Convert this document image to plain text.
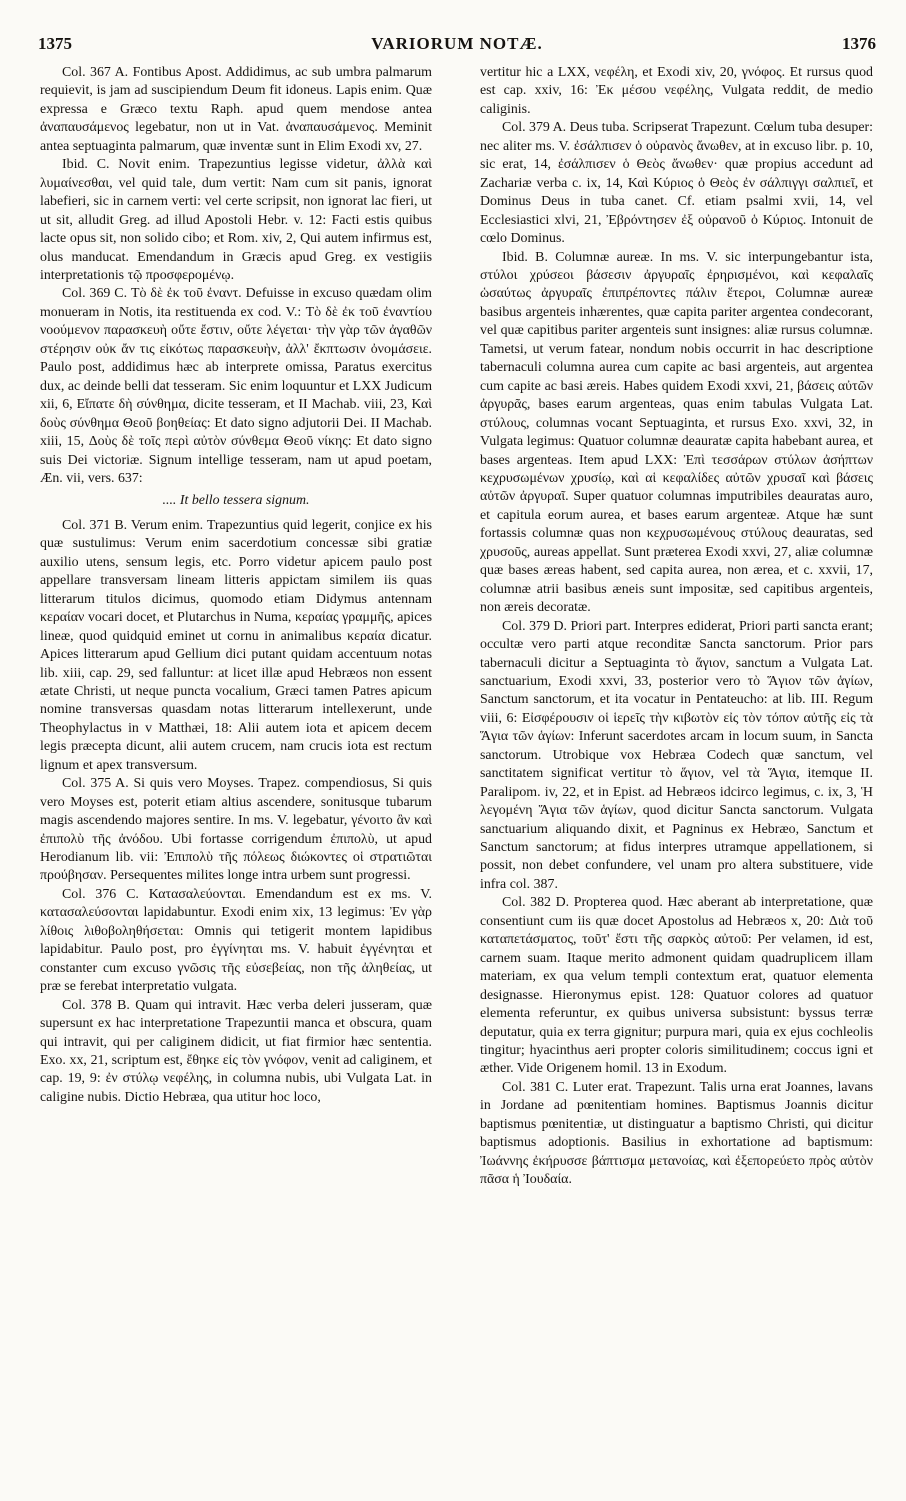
1375	VARIORUM NOTÆ.	1376

Col. 367 A. Fontibus Apost. Addidimus, ac sub umbra palmarum requievit, is jam ad suscipiendum Deum fit idoneus. Lapis enim. Quæ expressa e Græco textu Raph. apud quem mendose antea ἀναπαυσάμενος legebatur, non ut in Vat. ἀναπαυσάμενος. Meminit antea septuaginta palmarum, quæ inventæ sunt in Elim Exodi xv, 27.

Ibid. C. Novit enim. Trapezuntius legisse videtur, ἀλλὰ καὶ λυμαίνεσθαι, vel quid tale, dum vertit: Nam cum sit panis, ignorat labefieri, sic in carnem verti: vel certe scripsit, non ignorat lac fieri, ut ut sit, alludit Greg. ad illud Apostoli Hebr. v. 12: Facti estis quibus lacte opus sit, non solido cibo; et Rom. xiv, 2, Qui autem infirmus est, olus manducat. Emendandum in Græcis apud Greg. ex vestigiis interpretationis τῷ προσφερομένῳ.

Col. 369 C. Τὸ δὲ ἐκ τοῦ ἐναντ. Defuisse in excuso quædam olim monueram in Notis, ita restituenda ex cod. V.: Τὸ δὲ ἐκ τοῦ ἐναντίου νοούμενον παρασκευὴ οὔτε ἔστιν, οὔτε λέγεται· τὴν γὰρ τῶν ἀγαθῶν στέρησιν οὐκ ἄν τις εἰκότως παρασκευὴν, ἀλλ' ἔκπτωσιν ὀνομάσειε. Paulo post, addidimus hæc ab interprete omissa, Paratus exercitus dux, ac deinde belli dat tesseram. Sic enim loquuntur et LXX Judicum xii, 6, Εἴπατε δὴ σύνθημα, dicite tesseram, et II Machab. viii, 23, Καὶ δοὺς σύνθημα Θεοῦ βοηθείας: Et dato signo adjutorii Dei. II Machab. xiii, 15, Δοὺς δὲ τοῖς περὶ αὐτὸν σύνθεμα Θεοῦ νίκης: Et dato signo suis Dei victoriæ. Signum intellige tesseram, nam ut apud poetam, Æn. vii, vers. 637:

.... It bello tessera signum.

Col. 371 B. Verum enim. Trapezuntius quid legerit, conjice ex his quæ sustulimus: Verum enim sacerdotium concessæ sibi gratiæ auxilio utens, sensum legis, etc. Porro videtur apicem paulo post appellare transversam lineam litteris appictam similem iis quas litterarum titulos dicimus, quomodo etiam Didymus antennam κεραίαν vocari docet, et Plutarchus in Numa, κεραίας γραμμῆς, apices lineæ, quod quidquid eminet ut cornu in animalibus κεραία dicatur. Apices litterarum apud Gellium dici putant quidam accentuum notas lib. xiii, cap. 29, sed falluntur: at licet illæ apud Hebræos non essent ætate Christi, ut neque puncta vocalium, Græci tamen Patres apicum nomine transversas quasdam notas litterarum intellexerunt, unde Theophylactus in v Matthæi, 18: Alii autem iota et apicem decem legis præcepta dicunt, alii autem crucem, nam crucis iota est rectum lignum et apex transversum.

Col. 375 A. Si quis vero Moyses. Trapez. compendiosus, Si quis vero Moyses est, poterit etiam altius ascendere, sonitusque tubarum magis ascendendo majores sentire. In ms. V. legebatur, γένοιτο ἂν καὶ ἐπιπολὺ τῆς ἀνόδου. Ubi fortasse corrigendum ἐπιπολὺ, ut apud Herodianum lib. vii: Ἐπιπολὺ τῆς πόλεως διώκοντες οἱ στρατιῶται προύβησαν. Persequentes milites longe intra urbem sunt progressi.

Col. 376 C. Κατασαλεύονται. Emendandum est ex ms. V. κατασαλεύσονται lapidabuntur. Exodi enim xix, 13 legimus: Ἐν γὰρ λίθοις λιθοβοληθήσεται: Omnis qui tetigerit montem lapidibus lapidabitur. Paulo post, pro ἐγγίνηται ms. V. habuit ἐγγένηται et constanter cum excuso γνῶσις τῆς εὐσεβείας, non τῆς ἀληθείας, ut præ se ferebat interpretatio vulgata.

Col. 378 B. Quam qui intravit. Hæc verba deleri jusseram, quæ supersunt ex hac interpretatione Trapezuntii manca et obscura, quam qui intravit, qui per caliginem didicit, ut fiat firmior hæc sententia. Exo. xx, 21, scriptum est, ἔθηκε εἰς τὸν γνόφον, venit ad caliginem, et cap. 19, 9: ἐν στύλῳ νεφέλης, in columna nubis, ubi Vulgata Lat. in caligine nubis. Dictio Hebræa, qua utitur hoc loco,

vertitur hic a LXX, νεφέλη, et Exodi xiv, 20, γνόφος. Et rursus quod est cap. xxiv, 16: Ἐκ μέσου νεφέλης, Vulgata reddit, de medio caliginis.

Col. 379 A. Deus tuba. Scripserat Trapezunt. Cœlum tuba desuper: nec aliter ms. V. ἐσάλπισεν ὁ οὐρανὸς ἄνωθεν, at in excuso libr. p. 10, sic erat, 14, ἐσάλπισεν ὁ Θεὸς ἄνωθεν· quæ propius accedunt ad Zachariæ verba c. ix, 14, Καὶ Κύριος ὁ Θεὸς ἐν σάλπιγγι σαλπιεῖ, et Dominus Deus in tuba canet. Cf. etiam psalmi xvii, 14, vel Ecclesiastici xlvi, 21, Ἐβρόντησεν ἐξ οὐρανοῦ ὁ Κύριος. Intonuit de cœlo Dominus.

Ibid. B. Columnæ aureæ. In ms. V. sic interpungebantur ista, στύλοι χρύσεοι βάσεσιν ἀργυραῖς ἐρηρισμένοι, καὶ κεφαλαῖς ὡσαύτως ἀργυραῖς ἐπιπρέποντες πάλιν ἕτεροι, Columnæ aureæ basibus argenteis inhærentes, quæ capita pariter argentea condecorant, vel quæ capitibus pariter argenteis sunt insignes: aliæ rursus columnæ. Tametsi, ut verum fatear, nondum nobis occurrit in hac descriptione tabernaculi columna aurea cum capite ac basi argenteis, aut argentea cum capite ac basi æreis. Habes quidem Exodi xxvi, 21, βάσεις αὐτῶν ἀργυρᾶς, bases earum argenteas, quas enim tabulas Vulgata Lat. στύλους, columnas vocant Septuaginta, et rursus Exo. xxvi, 32, in Vulgata legimus: Quatuor columnæ deauratæ capita habebant aurea, et bases argenteas. Item apud LXX: Ἐπὶ τεσσάρων στύλων ἀσήπτων κεχρυσωμένων χρυσίῳ, καὶ αἱ κεφαλίδες αὐτῶν χρυσαῖ καὶ βάσεις αὐτῶν ἀργυραῖ. Super quatuor columnas imputribiles deauratas auro, et capitula eorum aurea, et bases earum argenteæ. Atque hæ sunt fortassis columnæ quas non κεχρυσωμένους στύλους deauratas, sed χρυσοῦς, aureas appellat. Sunt præterea Exodi xxvi, 27, aliæ columnæ quæ bases æreas habent, sed capita aurea, non ærea, et c. xxvii, 17, columnæ atrii basibus æneis sunt impositæ, sed capitibus argenteis, non æreis decoratæ.

Col. 379 D. Priori part. Interpres ediderat, Priori parti sancta erant; occultæ vero parti atque reconditæ Sancta sanctorum. Prior pars tabernaculi dicitur a Septuaginta τὸ ἅγιον, sanctum a Vulgata Lat. sanctuarium, Exodi xxvi, 33, posterior vero τὸ Ἅγιον τῶν ἁγίων, Sanctum sanctorum, et ita vocatur in Pentateucho: at lib. III. Regum viii, 6: Εἰσφέρουσιν οἱ ἱερεῖς τὴν κιβωτὸν εἰς τὸν τόπον αὐτῆς εἰς τὰ Ἅγια τῶν ἁγίων: Inferunt sacerdotes arcam in locum suum, in Sancta sanctorum. Utrobique vox Hebræa Codech quæ sanctum, vel sanctitatem significat vertitur τὸ ἅγιον, vel τὰ Ἅγια, itemque II. Paralipom. iv, 22, et in Epist. ad Hebræos idcirco legimus, c. ix, 3, Ἡ λεγομένη Ἅγια τῶν ἁγίων, quod dicitur Sancta sanctorum. Vulgata sanctuarium aliquando dixit, et Pagninus ex Hebræo, Sanctum et Sanctum sanctorum; at fidus interpres utramque appellationem, si possit, non debet confundere, vel unam pro altera substituere, vide infra col. 387.

Col. 382 D. Propterea quod. Hæc aberant ab interpretatione, quæ consentiunt cum iis quæ docet Apostolus ad Hebræos x, 20: Διὰ τοῦ καταπετάσματος, τοῦτ' ἔστι τῆς σαρκὸς αὐτοῦ: Per velamen, id est, carnem suam. Itaque merito admonent quidam quadruplicem illam materiam, ex qua velum templi contextum erat, quatuor elementa designasse. Hieronymus epist. 128: Quatuor colores ad quatuor elementa referuntur, ex quibus universa subsistunt: byssus terræ deputatur, quia ex terra gignitur; purpura mari, quia ex ejus cochleolis tingitur; hyacinthus aeri propter coloris similitudinem; coccus igni et æther. Vide Origenem homil. 13 in Exodum.

Col. 381 C. Luter erat. Trapezunt. Talis urna erat Joannes, lavans in Jordane ad pœnitentiam homines. Baptismus Joannis dicitur baptismus pœnitentiæ, ut distinguatur a baptismo Christi, qui dicitur baptismus adoptionis. Basilius in exhortatione ad baptismum: Ἰωάννης ἐκήρυσσε βάπτισμα μετανοίας, καὶ ἐξεπορεύετο πρὸς αὐτὸν πᾶσα ἡ Ἰουδαία.
